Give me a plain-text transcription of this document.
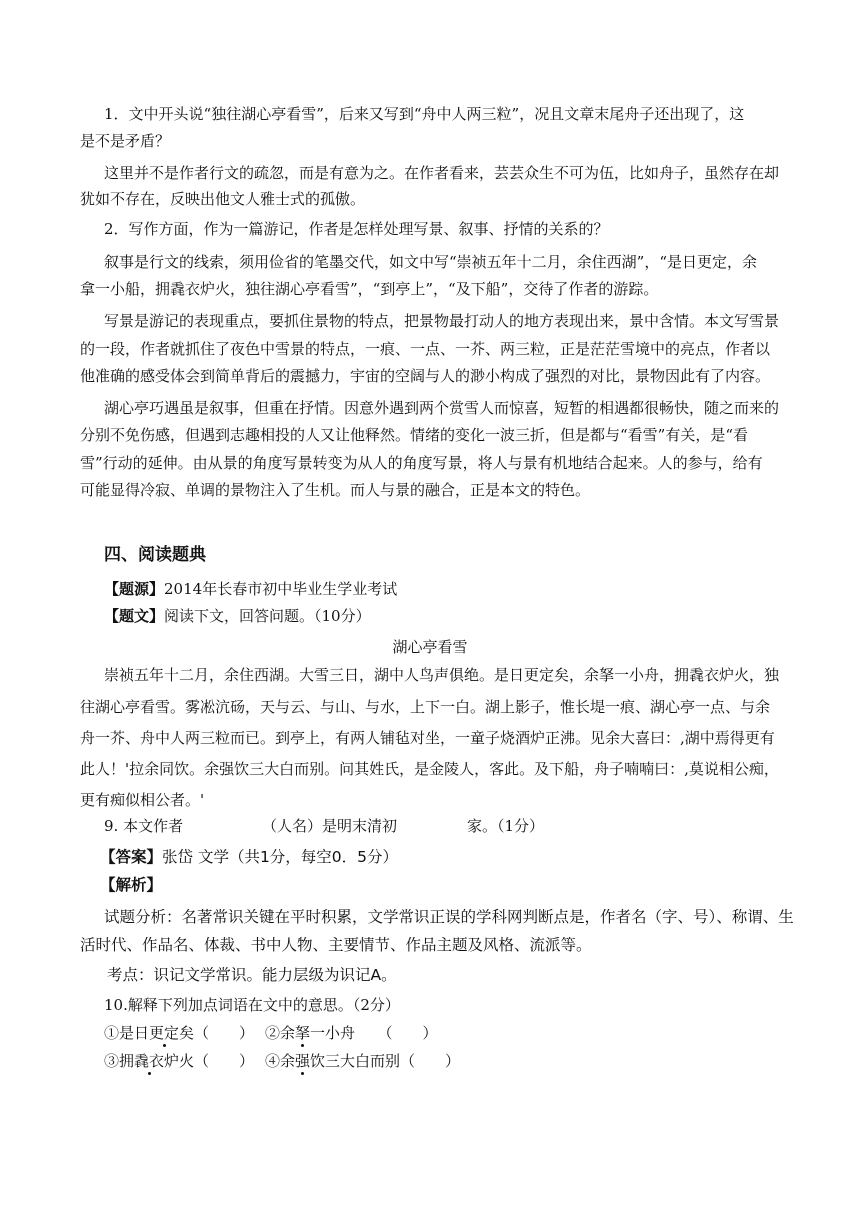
1．文中开头说“独往湖心亭看雪”，后来又写到“舟中人两三粒”，况且文章末尾舟子还出现了，这
是不是矛盾？
这里并不是作者行文的疏忽，而是有意为之。在作者看来，芸芸众生不可为伍，比如舟子，虽然存在却
犹如不存在，反映出他文人雅士式的孤傲。
2．写作方面，作为一篇游记，作者是怎样处理写景、叙事、抒情的关系的？
叙事是行文的线索，须用俭省的笔墨交代，如文中写“崇祯五年十二月，余住西湖”，“是日更定，余
拿一小船，拥毳衣炉火，独往湖心亭看雪”，“到亭上”，“及下船”，交待了作者的游踪。
写景是游记的表现重点，要抓住景物的特点，把景物最打动人的地方表现出来，景中含情。本文写雪景
的一段，作者就抓住了夜色中雪景的特点，一痕、一点、一芥、两三粒，正是茫茫雪境中的亮点，作者以
他准确的感受体会到简单背后的震撼力，宇宙的空阔与人的渺小构成了强烈的对比，景物因此有了内容。
湖心亭巧遇虽是叙事，但重在抒情。因意外遇到两个赏雪人而惊喜，短暂的相遇都很畅快，随之而来的
分别不免伤感，但遇到志趣相投的人又让他释然。情绪的变化一波三折，但是都与“看雪”有关，是“看
雪”行动的延伸。由从景的角度写景转变为从人的角度写景，将人与景有机地结合起来。人的参与，给有
可能显得冷寂、单调的景物注入了生机。而人与景的融合，正是本文的特色。
四、阅读题典
【题源】2014年长春市初中毕业生学业考试
【题文】阅读下文，回答问题。（10分）
湖心亭看雪
崇祯五年十二月，余住西湖。大雪三日，湖中人鸟声俱绝。是日更定矣，余拏一小舟，拥毳衣炉火，独
往湖心亭看雪。雾凇沆砀，天与云、与山、与水，上下一白。湖上影子，惟长堤一痕、湖心亭一点、与余
舟一芥、舟中人两三粒而已。到亭上，有两人铺毡对坐，一童子烧酒炉正沸。见余大喜曰：,湖中焉得更有
此人！'拉余同饮。余强饮三大白而别。问其姓氏，是金陵人，客此。及下船，舟子喃喃曰：,莫说相公痴，
更有痴似相公者。'
9. 本文作者	（人名）是明末清初	家。（1分）
【答案】张岱 文学（共1分，每空0．5分）
【解析】
试题分析：名著常识关键在平时积累，文学常识正误的学科网判断点是，作者名（字、号）、称谓、生
活时代、作品名、体裁、书中人物、主要情节、作品主题及风格、流派等。
考点：识记文学常识。能力层级为识记A。
10.解释下列加点词语在文中的意思。（2分）
①是日更定矣（　　） ②余拏一小舟　　（　　）
③拥毳衣炉火（　　） ④余强饮三大白而别（　　）
